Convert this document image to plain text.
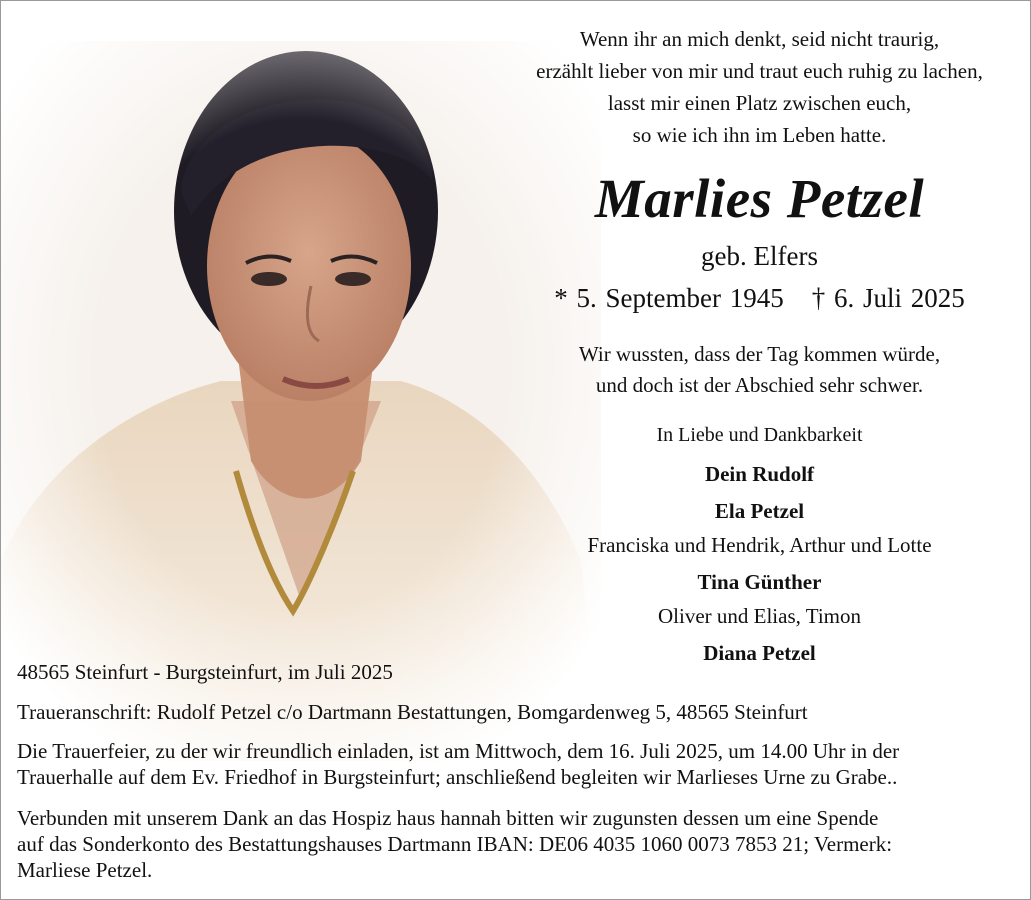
Wenn ihr an mich denkt, seid nicht traurig,
erzählt lieber von mir und traut euch ruhig zu lachen,
lasst mir einen Platz zwischen euch,
so wie ich ihn im Leben hatte.
Marlies Petzel
geb. Elfers
* 5. September 1945 † 6. Juli 2025
Wir wussten, dass der Tag kommen würde,
und doch ist der Abschied sehr schwer.
In Liebe und Dankbarkeit
Dein Rudolf
Ela Petzel
Franciska und Hendrik, Arthur und Lotte
Tina Günther
Oliver und Elias, Timon
Diana Petzel
48565 Steinfurt - Burgsteinfurt, im Juli 2025
Traueranschrift: Rudolf Petzel c/o Dartmann Bestattungen, Bomgardenweg 5, 48565 Steinfurt
Die Trauerfeier, zu der wir freundlich einladen, ist am Mittwoch, dem 16. Juli 2025, um 14.00 Uhr in der
Trauerhalle auf dem Ev. Friedhof in Burgsteinfurt; anschließend begleiten wir Marlieses Urne zu Grabe..
Verbunden mit unserem Dank an das Hospiz haus hannah bitten wir zugunsten dessen um eine Spende
auf das Sonderkonto des Bestattungshauses Dartmann IBAN: DE06 4035 1060 0073 7853 21; Vermerk:
Marliese Petzel.
